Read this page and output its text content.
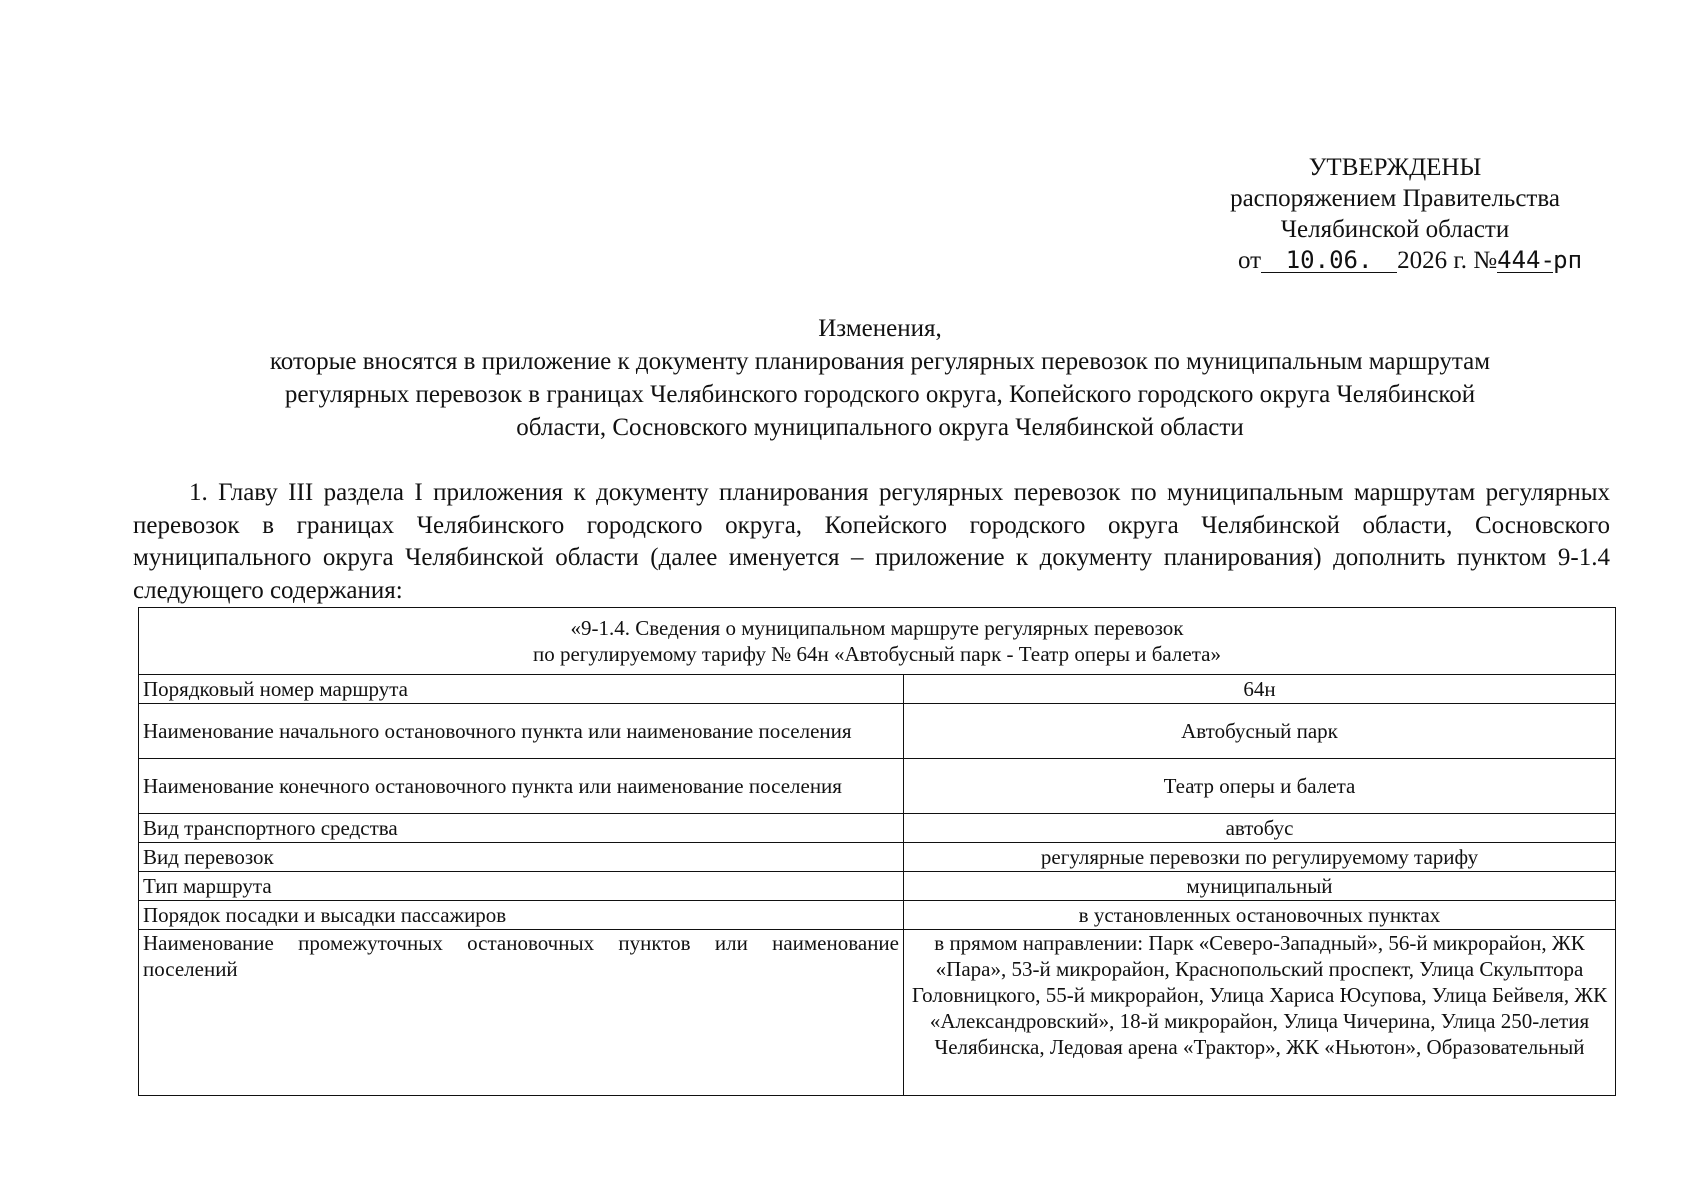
УТВЕРЖДЕНЫ
распоряжением Правительства
Челябинской области
от 10.06. 2026 г. №444-рп
Изменения,
которые вносятся в приложение к документу планирования регулярных перевозок по муниципальным маршрутам
регулярных перевозок в границах Челябинского городского округа, Копейского городского округа Челябинской
области, Сосновского муниципального округа Челябинской области
1. Главу III раздела I приложения к документу планирования регулярных перевозок по муниципальным маршрутам регулярных перевозок в границах Челябинского городского округа, Копейского городского округа Челябинской области, Сосновского муниципального округа Челябинской области (далее именуется – приложение к документу планирования) дополнить пунктом 9-1.4 следующего содержания:
«9-1.4. Сведения о муниципальном маршруте регулярных перевозок
по регулируемому тарифу № 64н «Автобусный парк - Театр оперы и балета»	

Порядковый номер маршрута	64н
Наименование начального остановочного пункта или наименование поселения	Автобусный парк
Наименование конечного остановочного пункта или наименование поселения	Театр оперы и балета
Вид транспортного средства	автобус
Вид перевозок	регулярные перевозки по регулируемому тарифу
Тип маршрута	муниципальный
Порядок посадки и высадки пассажиров	в установленных остановочных пунктах
Наименование промежуточных остановочных пунктов или наименование поселений	в прямом направлении: Парк «Северо-Западный», 56-й микрорайон, ЖК «Пара», 53-й микрорайон, Краснопольский проспект, Улица Скульптора Головницкого, 55-й микрорайон, Улица Хариса Юсупова, Улица Бейвеля, ЖК «Александровский», 18-й микрорайон, Улица Чичерина, Улица 250-летия Челябинска, Ледовая арена «Трактор», ЖК «Ньютон», Образовательный
